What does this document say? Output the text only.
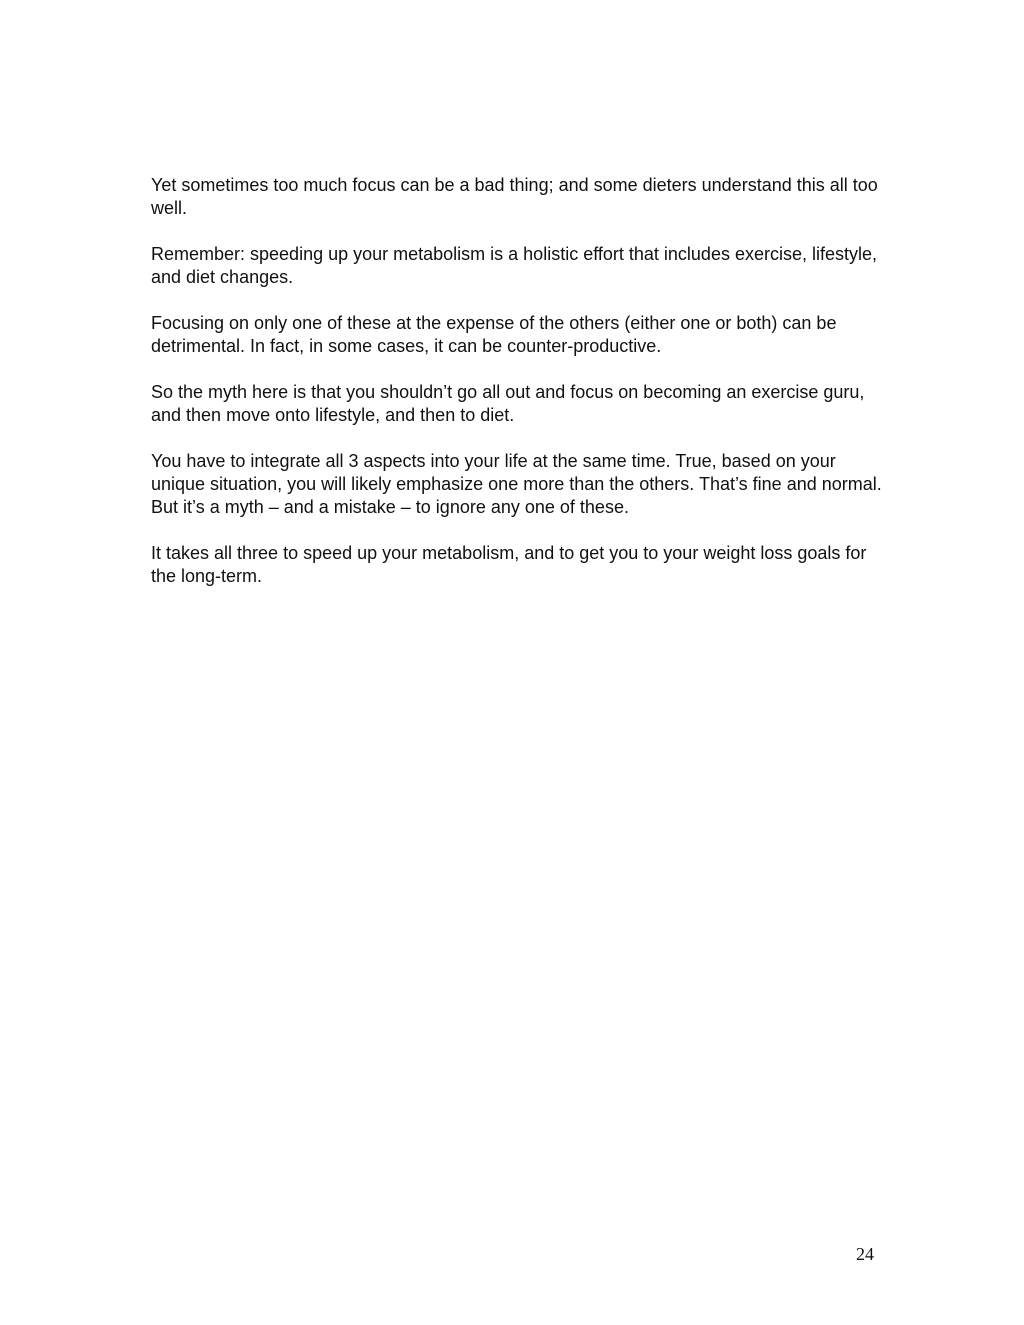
Yet sometimes too much focus can be a bad thing; and some dieters understand this all too well.

Remember: speeding up your metabolism is a holistic effort that includes exercise, lifestyle, and diet changes.

Focusing on only one of these at the expense of the others (either one or both) can be detrimental. In fact, in some cases, it can be counter-productive.

So the myth here is that you shouldn’t go all out and focus on becoming an exercise guru, and then move onto lifestyle, and then to diet.

You have to integrate all 3 aspects into your life at the same time. True, based on your unique situation, you will likely emphasize one more than the others. That’s fine and normal. But it’s a myth – and a mistake – to ignore any one of these.

It takes all three to speed up your metabolism, and to get you to your weight loss goals for the long-term.

24
